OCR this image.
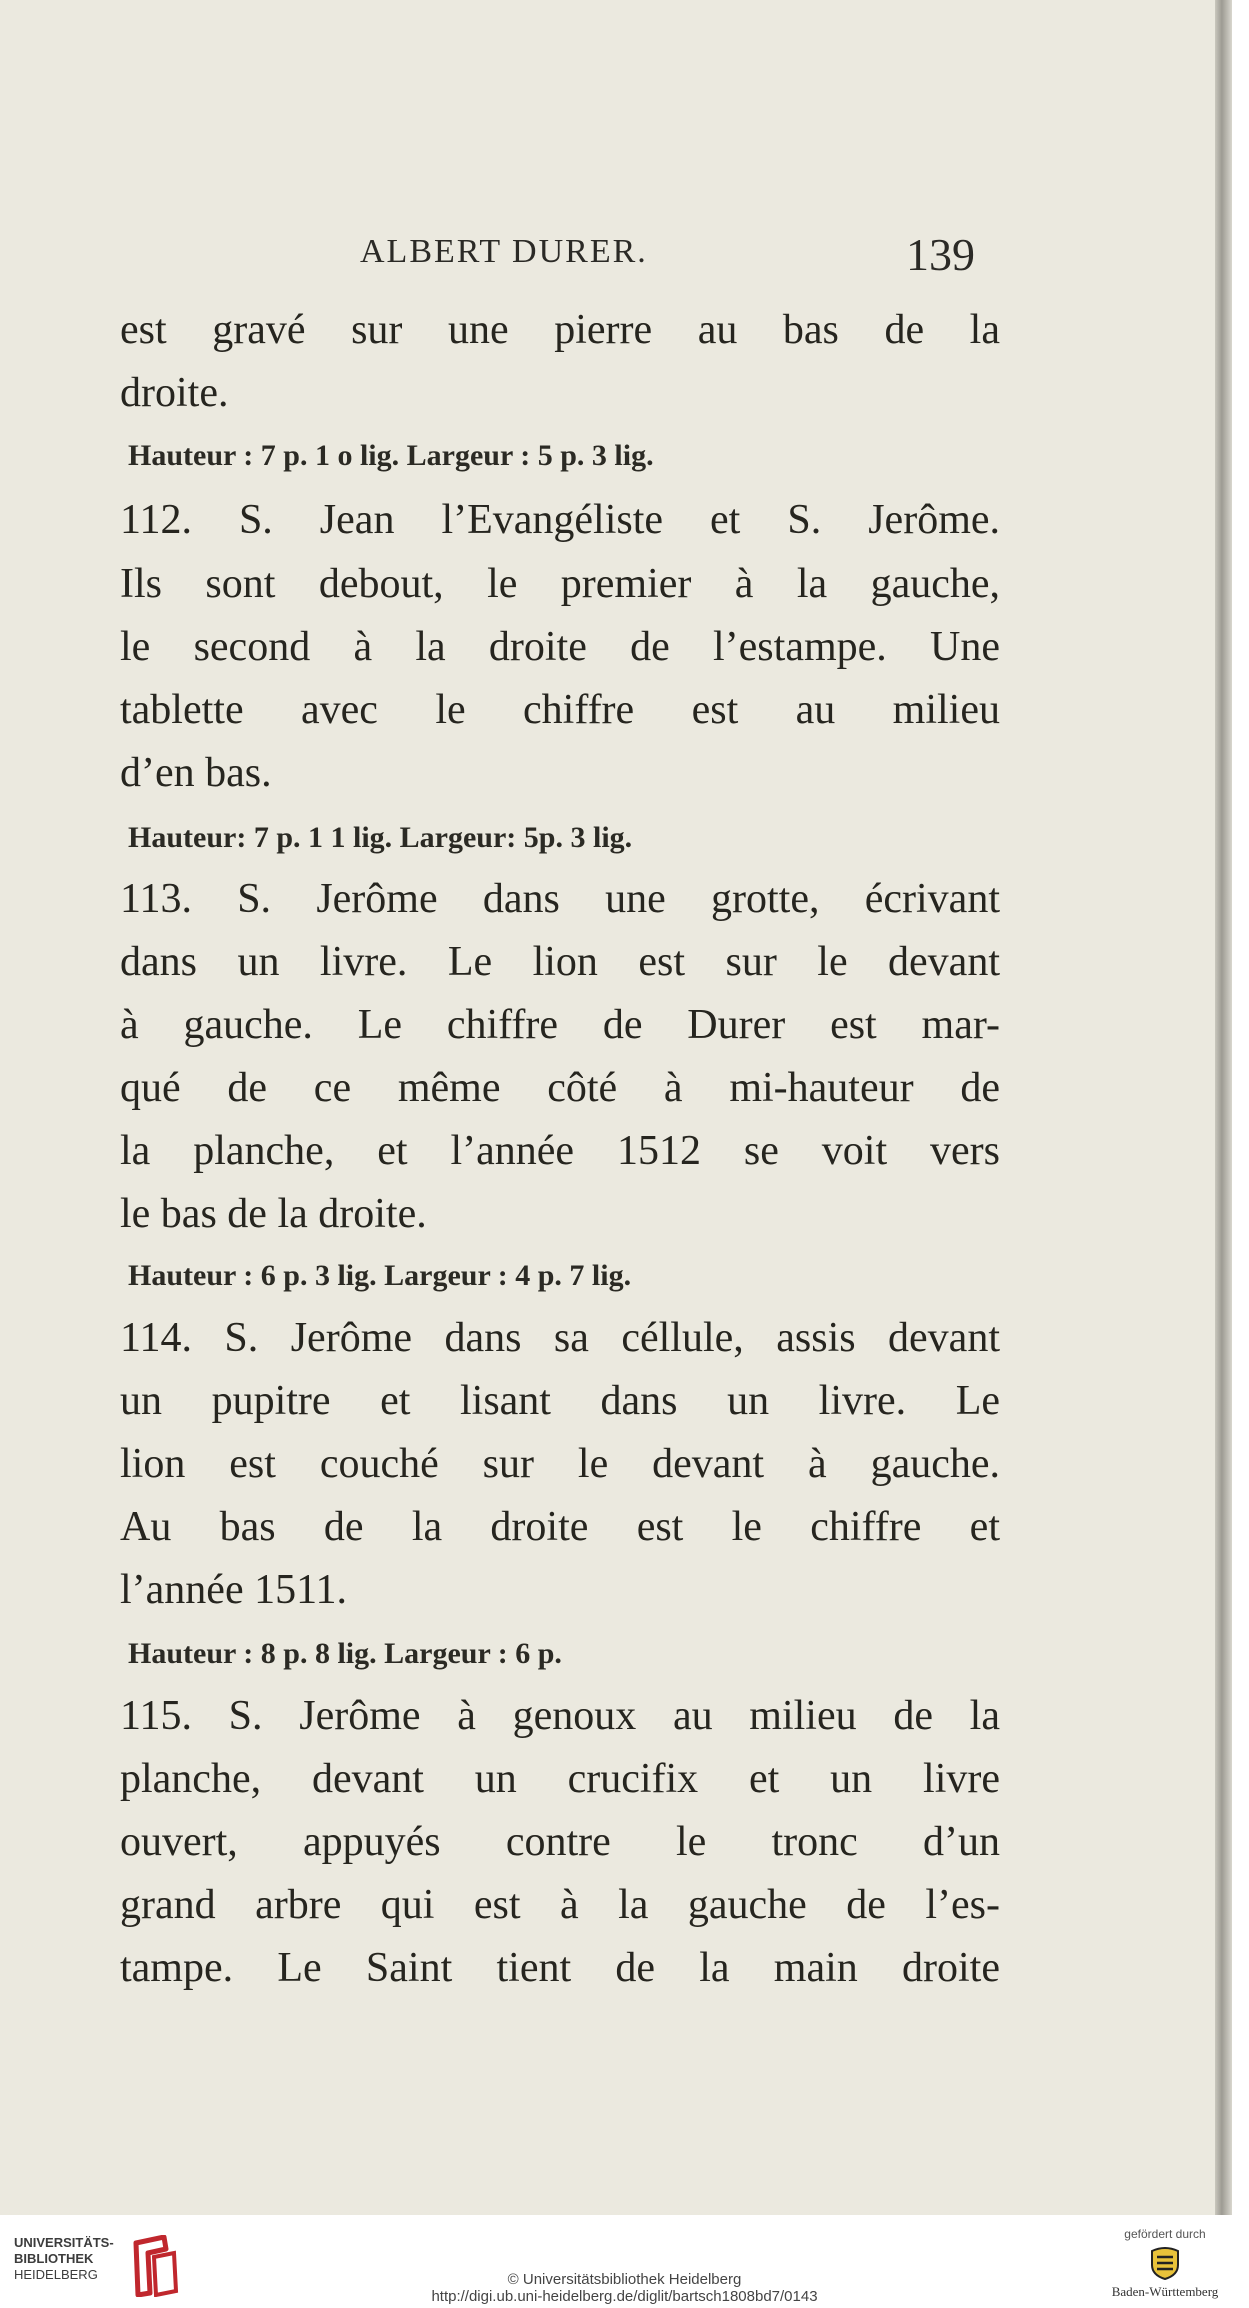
ALBERT DURER.	139
est gravé sur une pierre au bas de la
droite.
Hauteur : 7 p. 1 o lig. Largeur : 5 p. 3 lig.
112. S. Jean l’Evangéliste et S. Jerôme.
Ils sont debout, le premier à la gauche,
le second à la droite de l’estampe. Une
tablette avec le chiffre est au milieu
d’en bas.
Hauteur: 7 p. 1 1 lig. Largeur: 5p. 3 lig.
113. S. Jerôme dans une grotte, écrivant
dans un livre. Le lion est sur le devant
à gauche. Le chiffre de Durer est mar-
qué de ce même côté à mi-hauteur de
la planche, et l’année 1512 se voit vers
le bas de la droite.
Hauteur : 6 p. 3 lig. Largeur : 4 p. 7 lig.
114. S. Jerôme dans sa céllule, assis devant
un pupitre et lisant dans un livre. Le
lion est couché sur le devant à gauche.
Au bas de la droite est le chiffre et
l’année 1511.
Hauteur : 8 p. 8 lig. Largeur : 6 p.
115. S. Jerôme à genoux au milieu de la
planche, devant un crucifix et un livre
ouvert, appuyés contre le tronc d’un
grand arbre qui est à la gauche de l’es-
tampe. Le Saint tient de la main droite
UNIVERSITÄTS-
BIBLIOTHEK
HEIDELBERG	© Universitätsbibliothek Heidelberg
http://digi.ub.uni-heidelberg.de/diglit/bartsch1808bd7/0143
gefördert durch
Baden-Württemberg
